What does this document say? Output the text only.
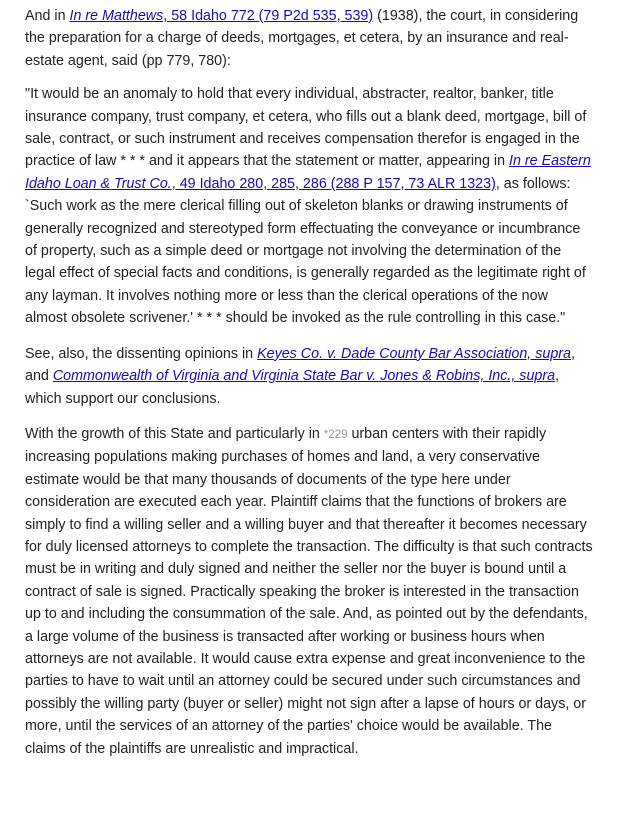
And in In re Matthews, 58 Idaho 772 (79 P2d 535, 539) (1938), the court, in considering the preparation for a charge of deeds, mortgages, et cetera, by an insurance and real-estate agent, said (pp 779, 780):

"It would be an anomaly to hold that every individual, abstracter, realtor, banker, title insurance company, trust company, et cetera, who fills out a blank deed, mortgage, bill of sale, contract, or such instrument and receives compensation therefor is engaged in the practice of law * * * and it appears that the statement or matter, appearing in In re Eastern Idaho Loan & Trust Co., 49 Idaho 280, 285, 286 (288 P 157, 73 ALR 1323), as follows: `Such work as the mere clerical filling out of skeleton blanks or drawing instruments of generally recognized and stereotyped form effectuating the conveyance or incumbrance of property, such as a simple deed or mortgage not involving the determination of the legal effect of special facts and conditions, is generally regarded as the legitimate right of any layman. It involves nothing more or less than the clerical operations of the now almost obsolete scrivener.' * * * should be invoked as the rule controlling in this case."

See, also, the dissenting opinions in Keyes Co. v. Dade County Bar Association, supra, and Commonwealth of Virginia and Virginia State Bar v. Jones & Robins, Inc., supra, which support our conclusions.

With the growth of this State and particularly in *229 urban centers with their rapidly increasing populations making purchases of homes and land, a very conservative estimate would be that many thousands of documents of the type here under consideration are executed each year. Plaintiff claims that the functions of brokers are simply to find a willing seller and a willing buyer and that thereafter it becomes necessary for duly licensed attorneys to complete the transaction. The difficulty is that such contracts must be in writing and duly signed and neither the seller nor the buyer is bound until a contract of sale is signed. Practically speaking the broker is interested in the transaction up to and including the consummation of the sale. And, as pointed out by the defendants, a large volume of the business is transacted after working or business hours when attorneys are not available. It would cause extra expense and great inconvenience to the parties to have to wait until an attorney could be secured under such circumstances and possibly the willing party (buyer or seller) might not sign after a lapse of hours or days, or more, until the services of an attorney of the parties' choice would be available. The claims of the plaintiffs are unrealistic and impractical.
